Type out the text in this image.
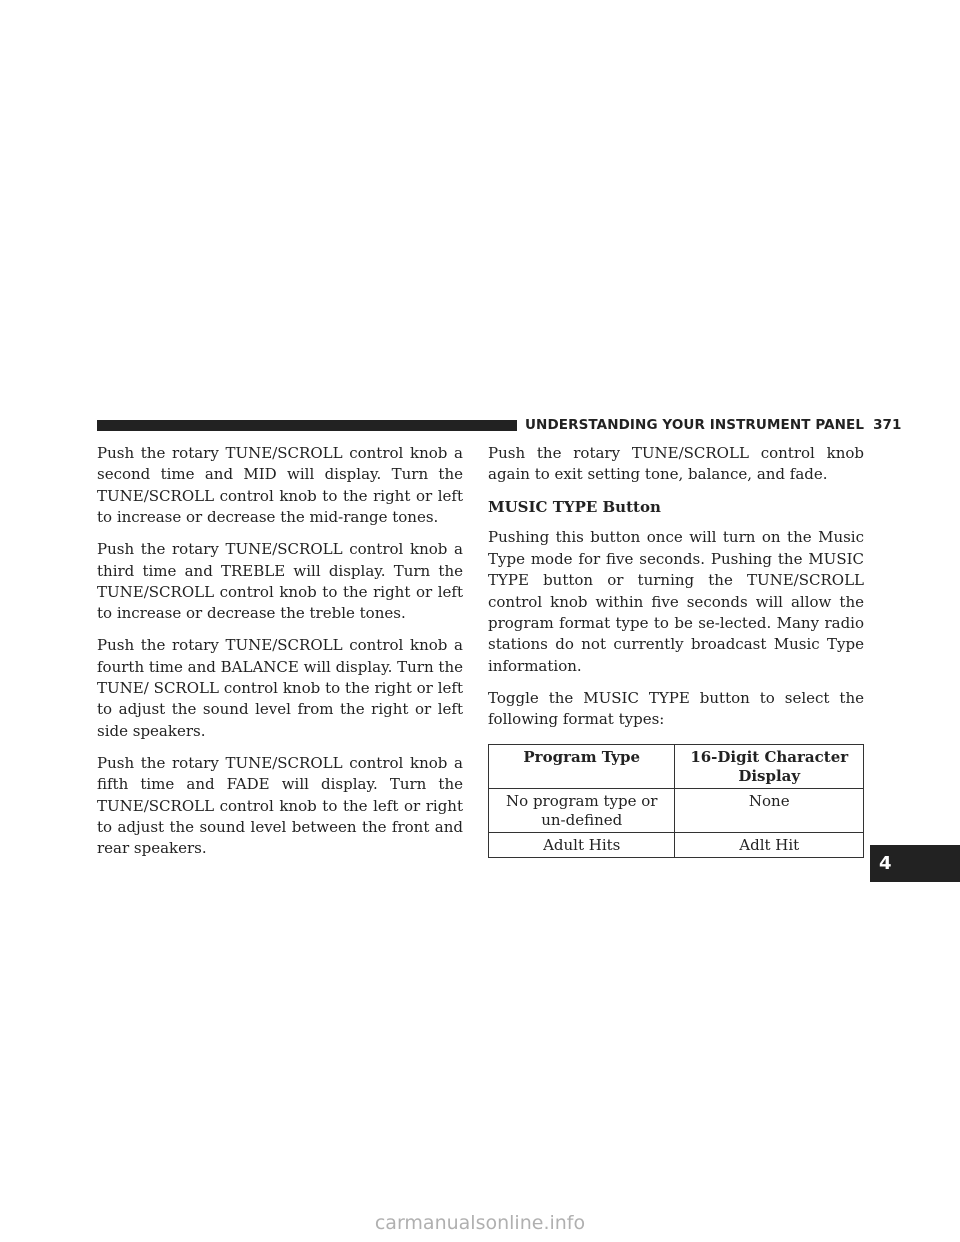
UNDERSTANDING YOUR INSTRUMENT PANEL 371

Push the rotary TUNE/SCROLL control knob a second time and MID will display. Turn the TUNE/SCROLL control knob to the right or left to increase or decrease the mid-range tones.

Push the rotary TUNE/SCROLL control knob a third time and TREBLE will display. Turn the TUNE/SCROLL control knob to the right or left to increase or decrease the treble tones.

Push the rotary TUNE/SCROLL control knob a fourth time and BALANCE will display. Turn the TUNE/ SCROLL control knob to the right or left to adjust the sound level from the right or left side speakers.

Push the rotary TUNE/SCROLL control knob a fifth time and FADE will display. Turn the TUNE/SCROLL control knob to the left or right to adjust the sound level between the front and rear speakers.

Push the rotary TUNE/SCROLL control knob again to exit setting tone, balance, and fade.

MUSIC TYPE Button

Pushing this button once will turn on the Music Type mode for five seconds. Pushing the MUSIC TYPE button or turning the TUNE/SCROLL control knob within five seconds will allow the program format type to be se-lected. Many radio stations do not currently broadcast Music Type information.

Toggle the MUSIC TYPE button to select the following format types:

Program Type	16-Digit Character Display
No program type or un-defined	None
Adult Hits	Adlt Hit
4
carmanualsonline.info
